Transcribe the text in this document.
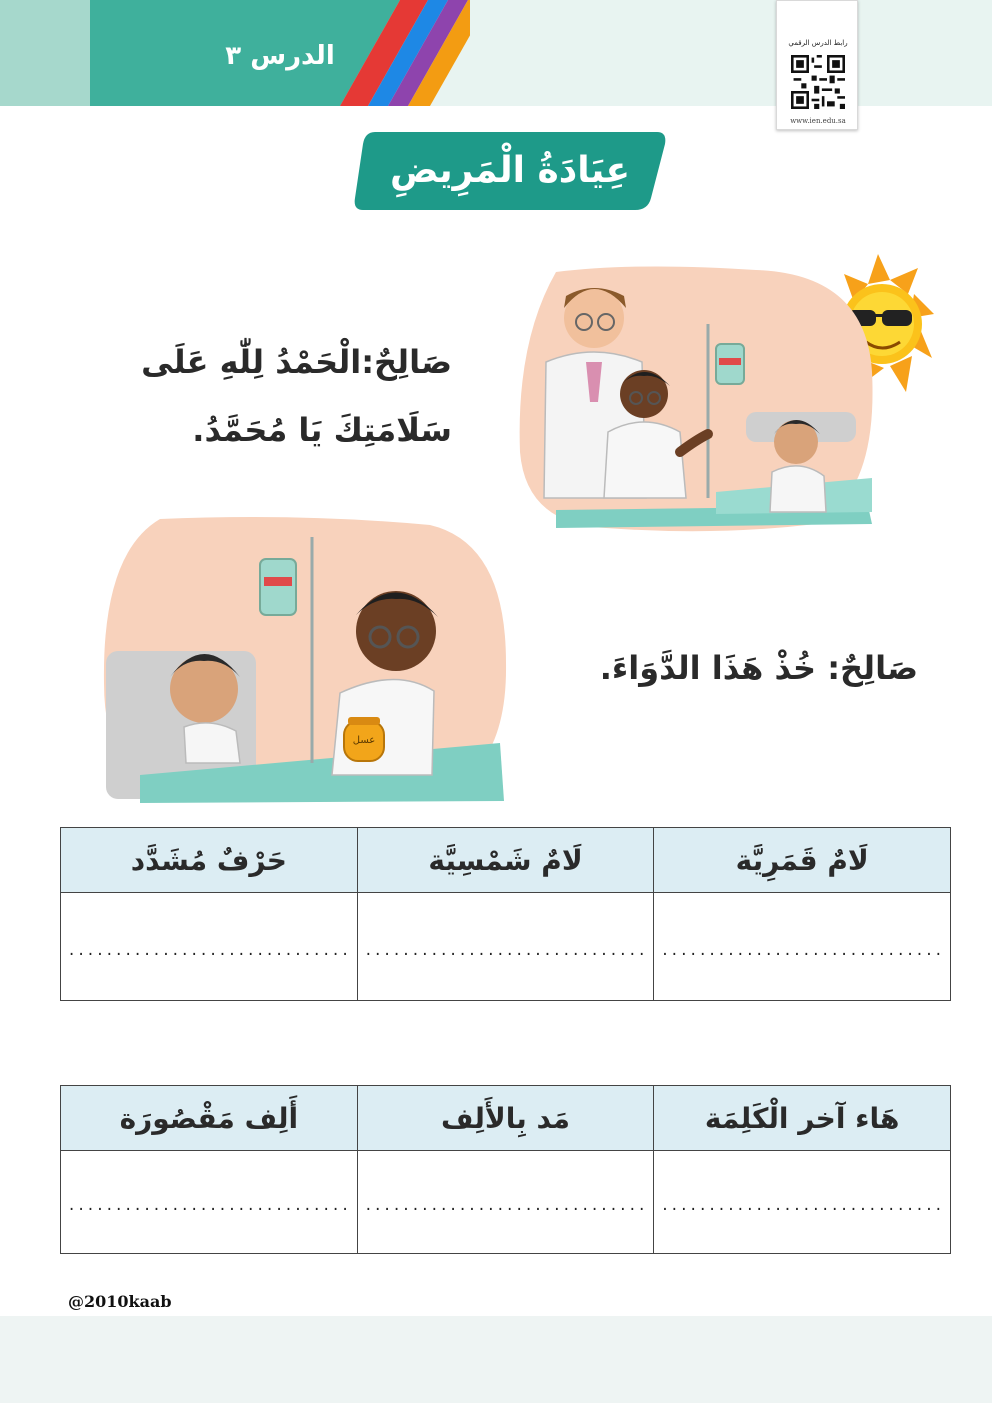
الدرس ٣	رابط الدرس الرقمي
www.ien.edu.sa
عِيَادَةُ الْمَرِيضِ
عسل
صَالِحٌ:الْحَمْدُ لِلّٰهِ عَلَى سَلَامَتِكَ يَا مُحَمَّدُ.
صَالِحٌ: خُذْ هَذَا الدَّوَاءَ.
لَامٌ قَمَرِيَّة	لَامٌ شَمْسِيَّة	حَرْفٌ مُشَدَّد
..............................	..............................	..............................
هَاء آخر الْكَلِمَة	مَد بِالأَلِف	أَلِف مَقْصُورَة
..............................	..............................	..............................
@2010kaab
